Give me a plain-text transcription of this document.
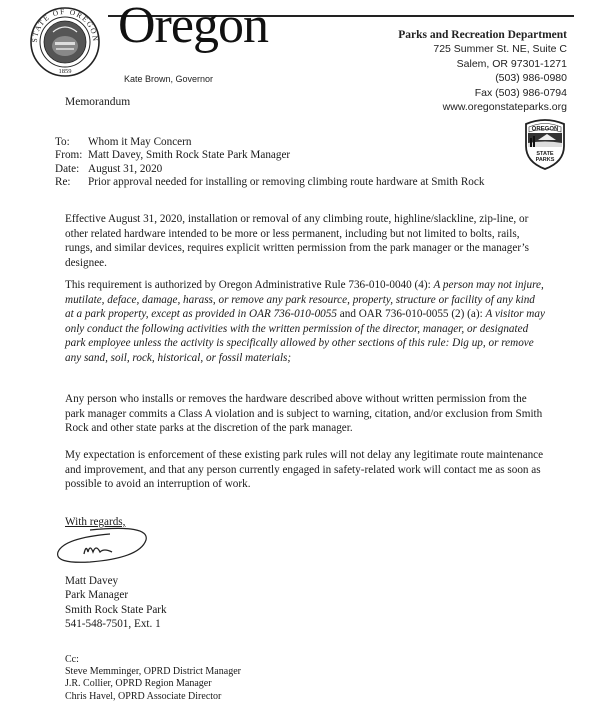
STATE OF OREGON
1859
Oregon
Kate Brown, Governor
Memorandum
Parks and Recreation Department
725 Summer St. NE, Suite C
Salem, OR 97301-1271
(503) 986-0980
Fax (503) 986-0794
www.oregonstateparks.org
OREGON
STATE
PARKS
To:	Whom it May Concern
From: Matt Davey, Smith Rock State Park Manager
Date: August 31, 2020
Re:	Prior approval needed for installing or removing climbing route hardware at Smith Rock
Effective August 31, 2020, installation or removal of any climbing route, highline/slackline, zip-line, or other related hardware intended to be more or less permanent, including but not limited to bolts, rails, rungs, and similar devices, requires explicit written permission from the park manager or the manager’s designee.
This requirement is authorized by Oregon Administrative Rule 736-010-0040 (4): A person may not injure, mutilate, deface, damage, harass, or remove any park resource, property, structure or facility of any kind at a park property, except as provided in OAR 736-010-0055 and OAR 736-010-0055 (2) (a): A visitor may only conduct the following activities with the written permission of the director, manager, or designated park employee unless the activity is specifically allowed by other sections of this rule: Dig up, or remove any sand, soil, rock, historical, or fossil materials;
Any person who installs or removes the hardware described above without written permission from the park manager commits a Class A violation and is subject to warning, citation, and/or exclusion from Smith Rock and other state parks at the discretion of the park manager.
My expectation is enforcement of these existing park rules will not delay any legitimate route maintenance and improvement, and that any person currently engaged in safety-related work will contact me as soon as possible to avoid an interruption of work.
With regards,
Matt Davey
Park Manager
Smith Rock State Park
541-548-7501, Ext. 1
Cc:
Steve Memminger, OPRD District Manager
J.R. Collier, OPRD Region Manager
Chris Havel, OPRD Associate Director
